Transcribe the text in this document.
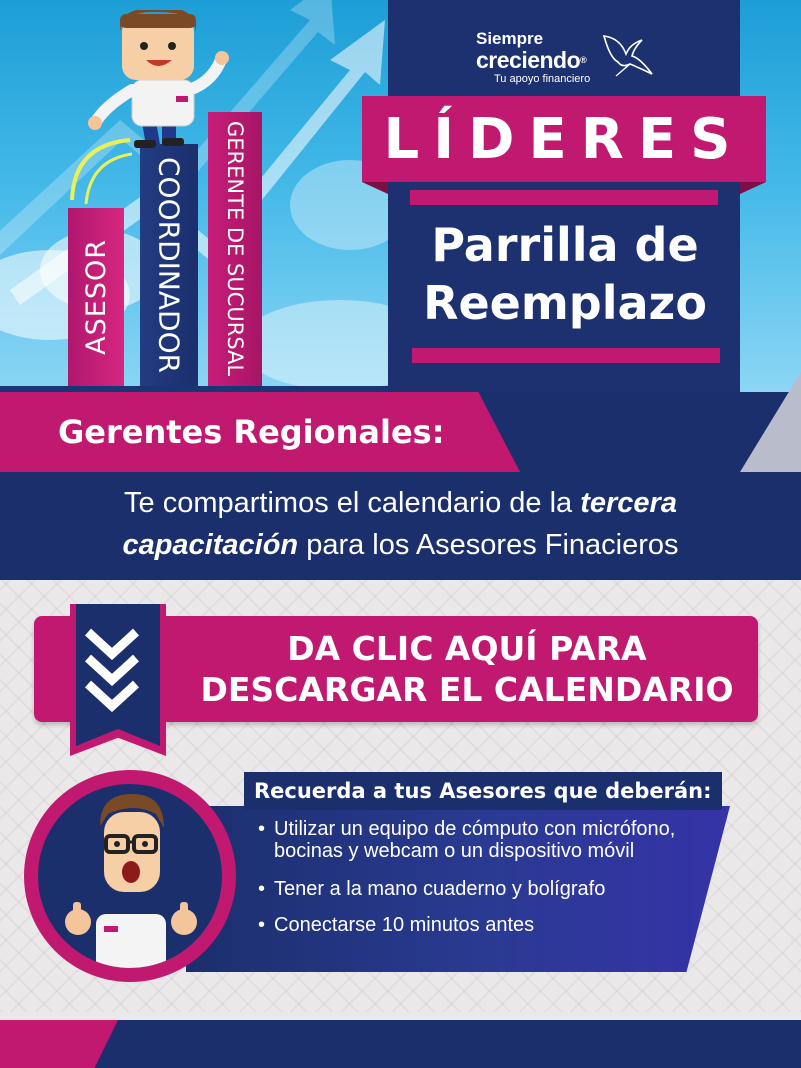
ASESOR COORDINADOR GERENTE DE SUCURSAL
Siempre
creciendo®
Tu apoyo financiero
LÍDERES
Parrilla de
Reemplazo
Gerentes Regionales:
Te compartimos el calendario de la tercera
capacitación para los Asesores Finacieros
DA CLIC AQUÍ PARA
DESCARGAR EL CALENDARIO
Recuerda a tus Asesores que deberán:
• Utilizar un equipo de cómputo con micrófono, bocinas y webcam o un dispositivo móvil
• Tener a la mano cuaderno y bolígrafo
• Conectarse 10 minutos antes
